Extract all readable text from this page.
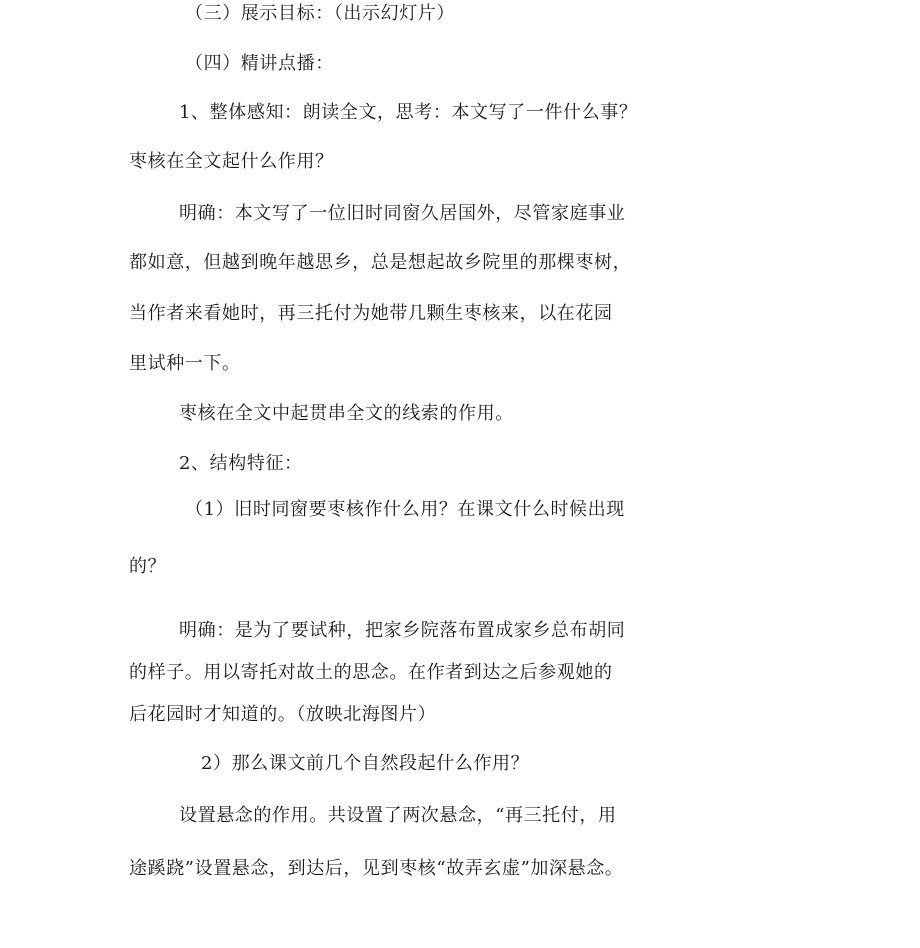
（三）展示目标：（出示幻灯片）
（四）精讲点播：
1、整体感知：朗读全文，思考：本文写了一件什么事？
枣核在全文起什么作用？
明确：本文写了一位旧时同窗久居国外，尽管家庭事业
都如意，但越到晚年越思乡，总是想起故乡院里的那棵枣树，
当作者来看她时，再三托付为她带几颗生枣核来，以在花园
里试种一下。
枣核在全文中起贯串全文的线索的作用。
2、结构特征：
（1）旧时同窗要枣核作什么用？在课文什么时候出现
的？
明确：是为了要试种，把家乡院落布置成家乡总布胡同
的样子。用以寄托对故土的思念。在作者到达之后参观她的
后花园时才知道的。（放映北海图片）
2）那么课文前几个自然段起什么作用？
设置悬念的作用。共设置了两次悬念，“再三托付，用
途蹊跷”设置悬念，到达后，见到枣核“故弄玄虚”加深悬念。
